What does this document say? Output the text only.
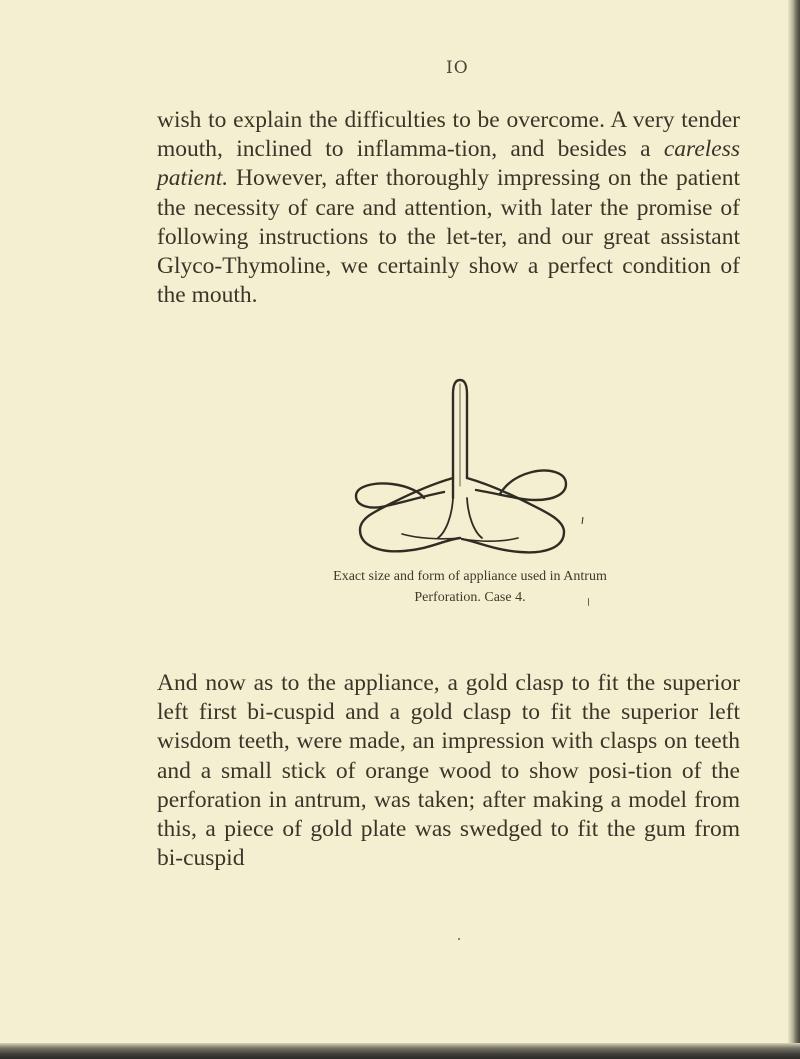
IO

wish to explain the difficulties to be overcome. A very tender mouth, inclined to inflamma-tion, and besides a careless patient. However, after thoroughly impressing on the patient the necessity of care and attention, with later the promise of following instructions to the let-ter, and our great assistant Glyco-Thymoline, we certainly show a perfect condition of the mouth.

Exact size and form of appliance used in Antrum
Perforation. Case 4.

And now as to the appliance, a gold clasp to fit the superior left first bi-cuspid and a gold clasp to fit the superior left wisdom teeth, were made, an impression with clasps on teeth and a small stick of orange wood to show posi-tion of the perforation in antrum, was taken; after making a model from this, a piece of gold plate was swedged to fit the gum from bi-cuspid
